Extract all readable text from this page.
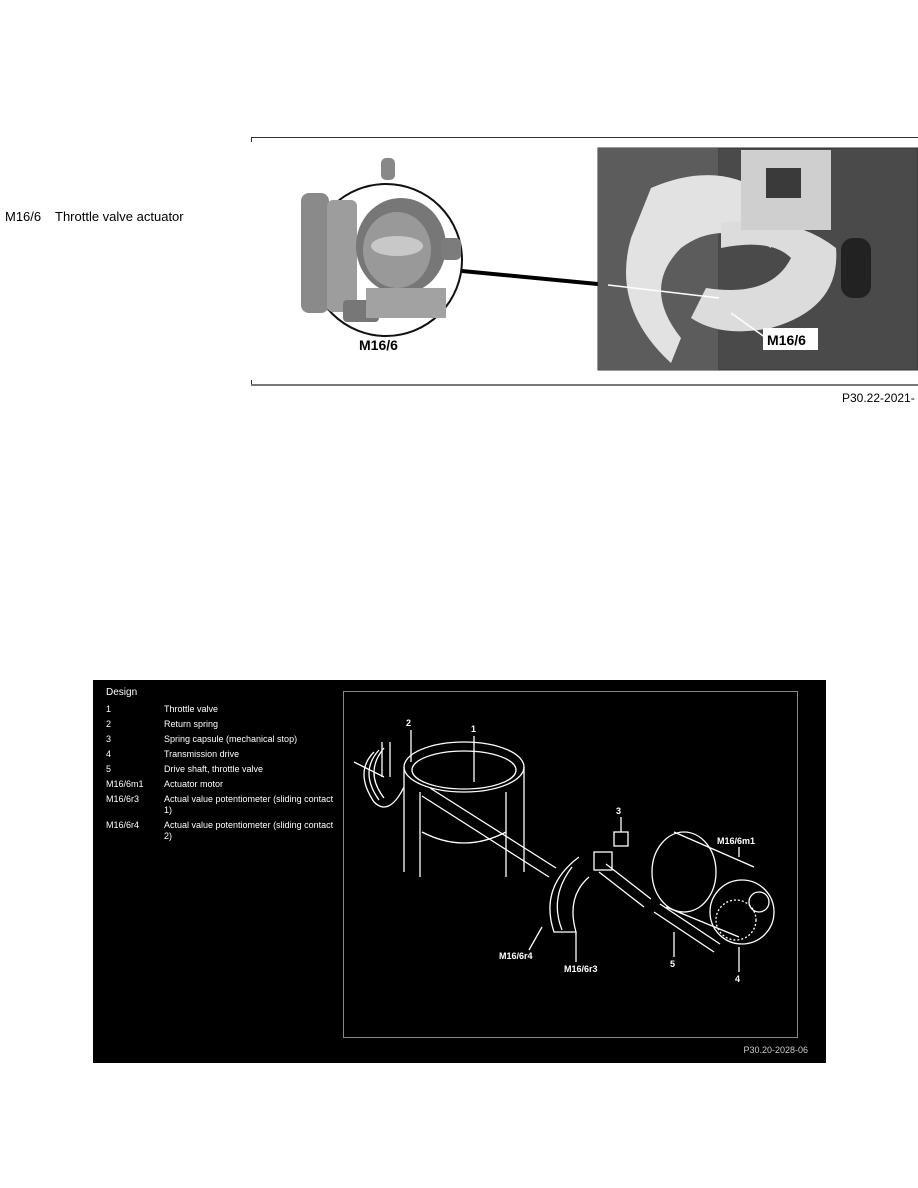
M16/6 Throttle valve actuator
M16/6	M16/6
P30.22-2021-
Design
1	Throttle valve
2	Return spring
3	Spring capsule (mechanical stop)
4	Transmission drive
5	Drive shaft, throttle valve
M16/6m1	Actuator motor
M16/6r3	Actual value potentiometer (sliding contact 1)
M16/6r4	Actual value potentiometer (sliding contact 2)
1
2
3
4
5
M16/6m1
M16/6r3
M16/6r4
P30.20-2028-06
